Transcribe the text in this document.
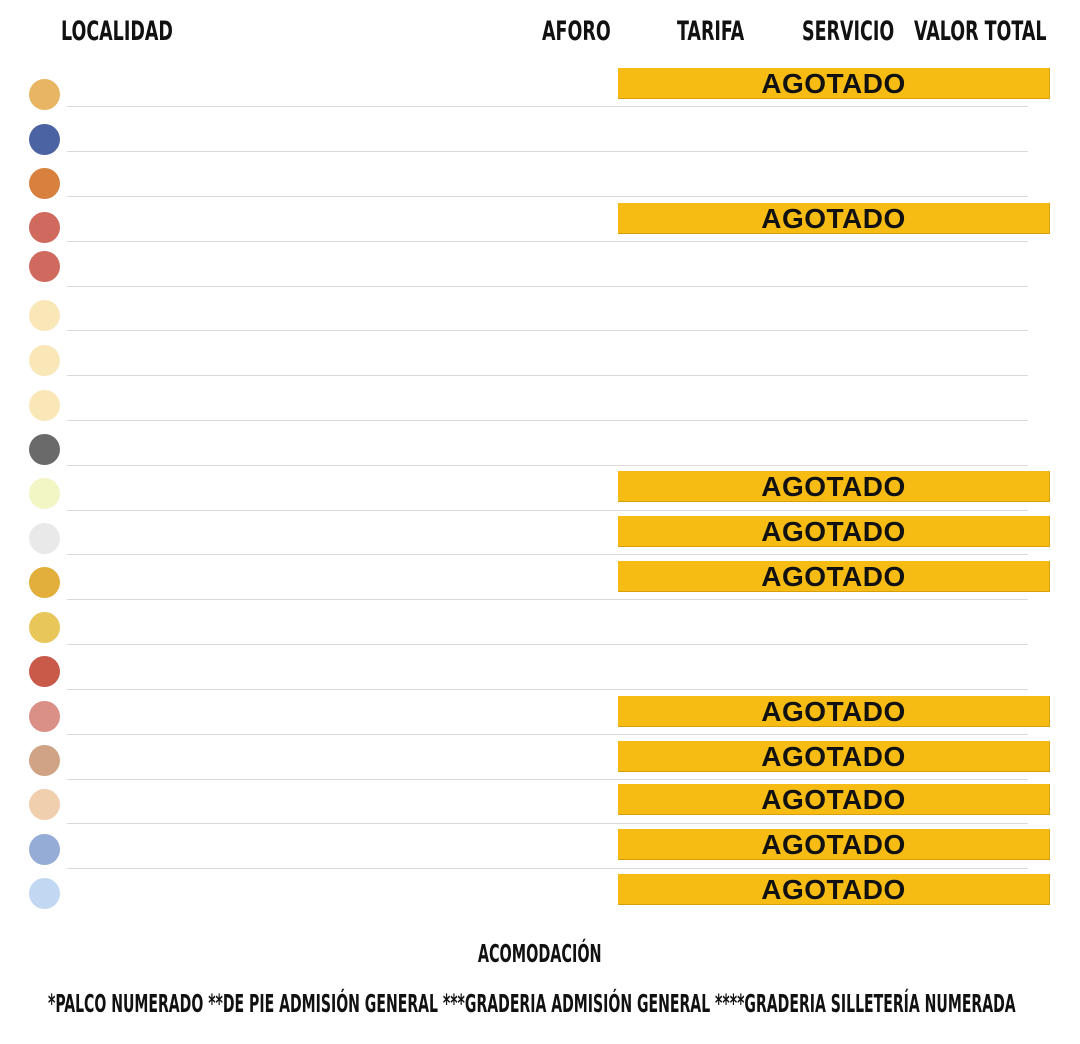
LOCALIDAD	AFORO TARIFA SERVICIO VALOR TOTAL
AGOTADO
AGOTADO
AGOTADO
AGOTADO
AGOTADO
AGOTADO
AGOTADO
AGOTADO
AGOTADO
AGOTADO
ACOMODACIÓN
*PALCO NUMERADO **DE PIE ADMISIÓN GENERAL ***GRADERIA ADMISIÓN GENERAL ****GRADERIA SILLETERÍA NUMERADA
